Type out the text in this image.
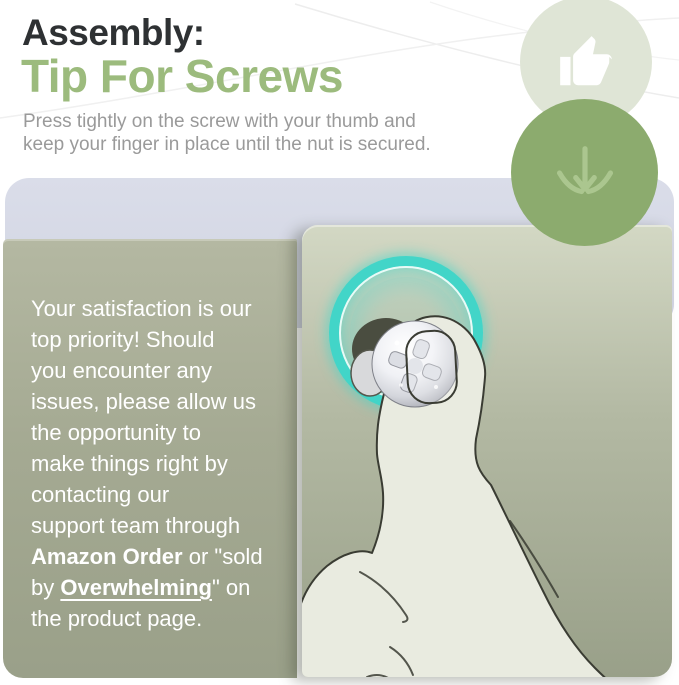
Assembly:
Tip For Screws
Press tightly on the screw with your thumb and
keep your finger in place until the nut is secured.
Your satisfaction is our
top priority! Should
you encounter any
issues, please allow us
the opportunity to
make things right by
contacting our
support team through
Amazon Order or "sold
by Overwhelming" on
the product page.
